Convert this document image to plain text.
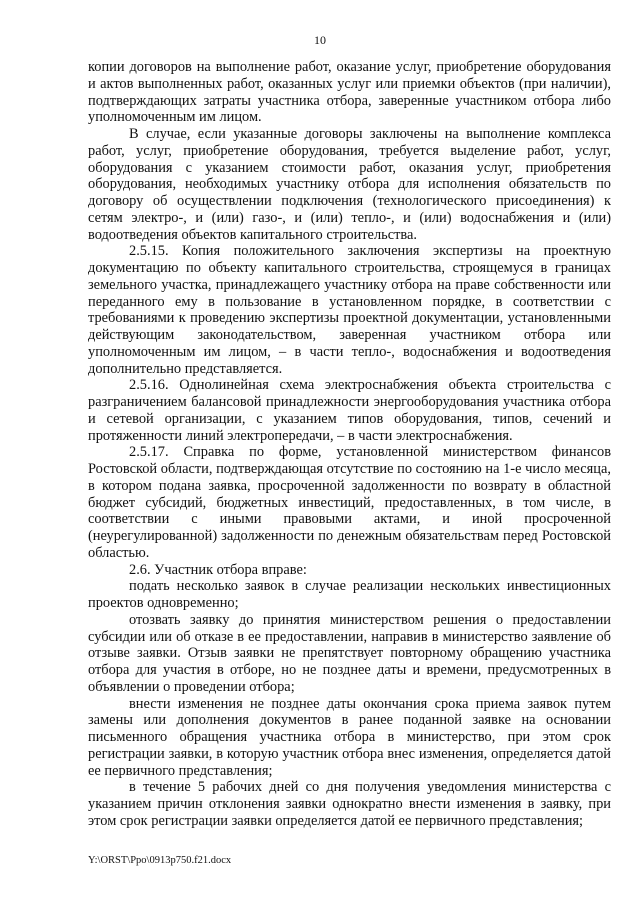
10

копии договоров на выполнение работ, оказание услуг, приобретение оборудования и актов выполненных работ, оказанных услуг или приемки объектов (при наличии), подтверждающих затраты участника отбора, заверенные участником отбора либо уполномоченным им лицом.

В случае, если указанные договоры заключены на выполнение комплекса работ, услуг, приобретение оборудования, требуется выделение работ, услуг, оборудования с указанием стоимости работ, оказания услуг, приобретения оборудования, необходимых участнику отбора для исполнения обязательств по договору об осуществлении подключения (технологического присоединения) к сетям электро-, и (или) газо-, и (или) тепло-, и (или) водоснабжения и (или) водоотведения объектов капитального строительства.

2.5.15. Копия положительного заключения экспертизы на проектную документацию по объекту капитального строительства, строящемуся в границах земельного участка, принадлежащего участнику отбора на праве собственности или переданного ему в пользование в установленном порядке, в соответствии с требованиями к проведению экспертизы проектной документации, установленными действующим законодательством, заверенная участником отбора или уполномоченным им лицом, – в части тепло-, водоснабжения и водоотведения дополнительно представляется.

2.5.16. Однолинейная схема электроснабжения объекта строительства с разграничением балансовой принадлежности энергооборудования участника отбора и сетевой организации, с указанием типов оборудования, типов, сечений и протяженности линий электропередачи, – в части электроснабжения.

2.5.17. Справка по форме, установленной министерством финансов Ростовской области, подтверждающая отсутствие по состоянию на 1-е число месяца, в котором подана заявка, просроченной задолженности по возврату в областной бюджет субсидий, бюджетных инвестиций, предоставленных, в том числе, в соответствии с иными правовыми актами, и иной просроченной (неурегулированной) задолженности по денежным обязательствам перед Ростовской областью.

2.6. Участник отбора вправе:

подать несколько заявок в случае реализации нескольких инвестиционных проектов одновременно;

отозвать заявку до принятия министерством решения о предоставлении субсидии или об отказе в ее предоставлении, направив в министерство заявление об отзыве заявки. Отзыв заявки не препятствует повторному обращению участника отбора для участия в отборе, но не позднее даты и времени, предусмотренных в объявлении о проведении отбора;

внести изменения не позднее даты окончания срока приема заявок путем замены или дополнения документов в ранее поданной заявке на основании письменного обращения участника отбора в министерство, при этом срок регистрации заявки, в которую участник отбора внес изменения, определяется датой ее первичного представления;

в течение 5 рабочих дней со дня получения уведомления министерства с указанием причин отклонения заявки однократно внести изменения в заявку, при этом срок регистрации заявки определяется датой ее первичного представления;

Y:\ORST\Ppo\0913p750.f21.docx
